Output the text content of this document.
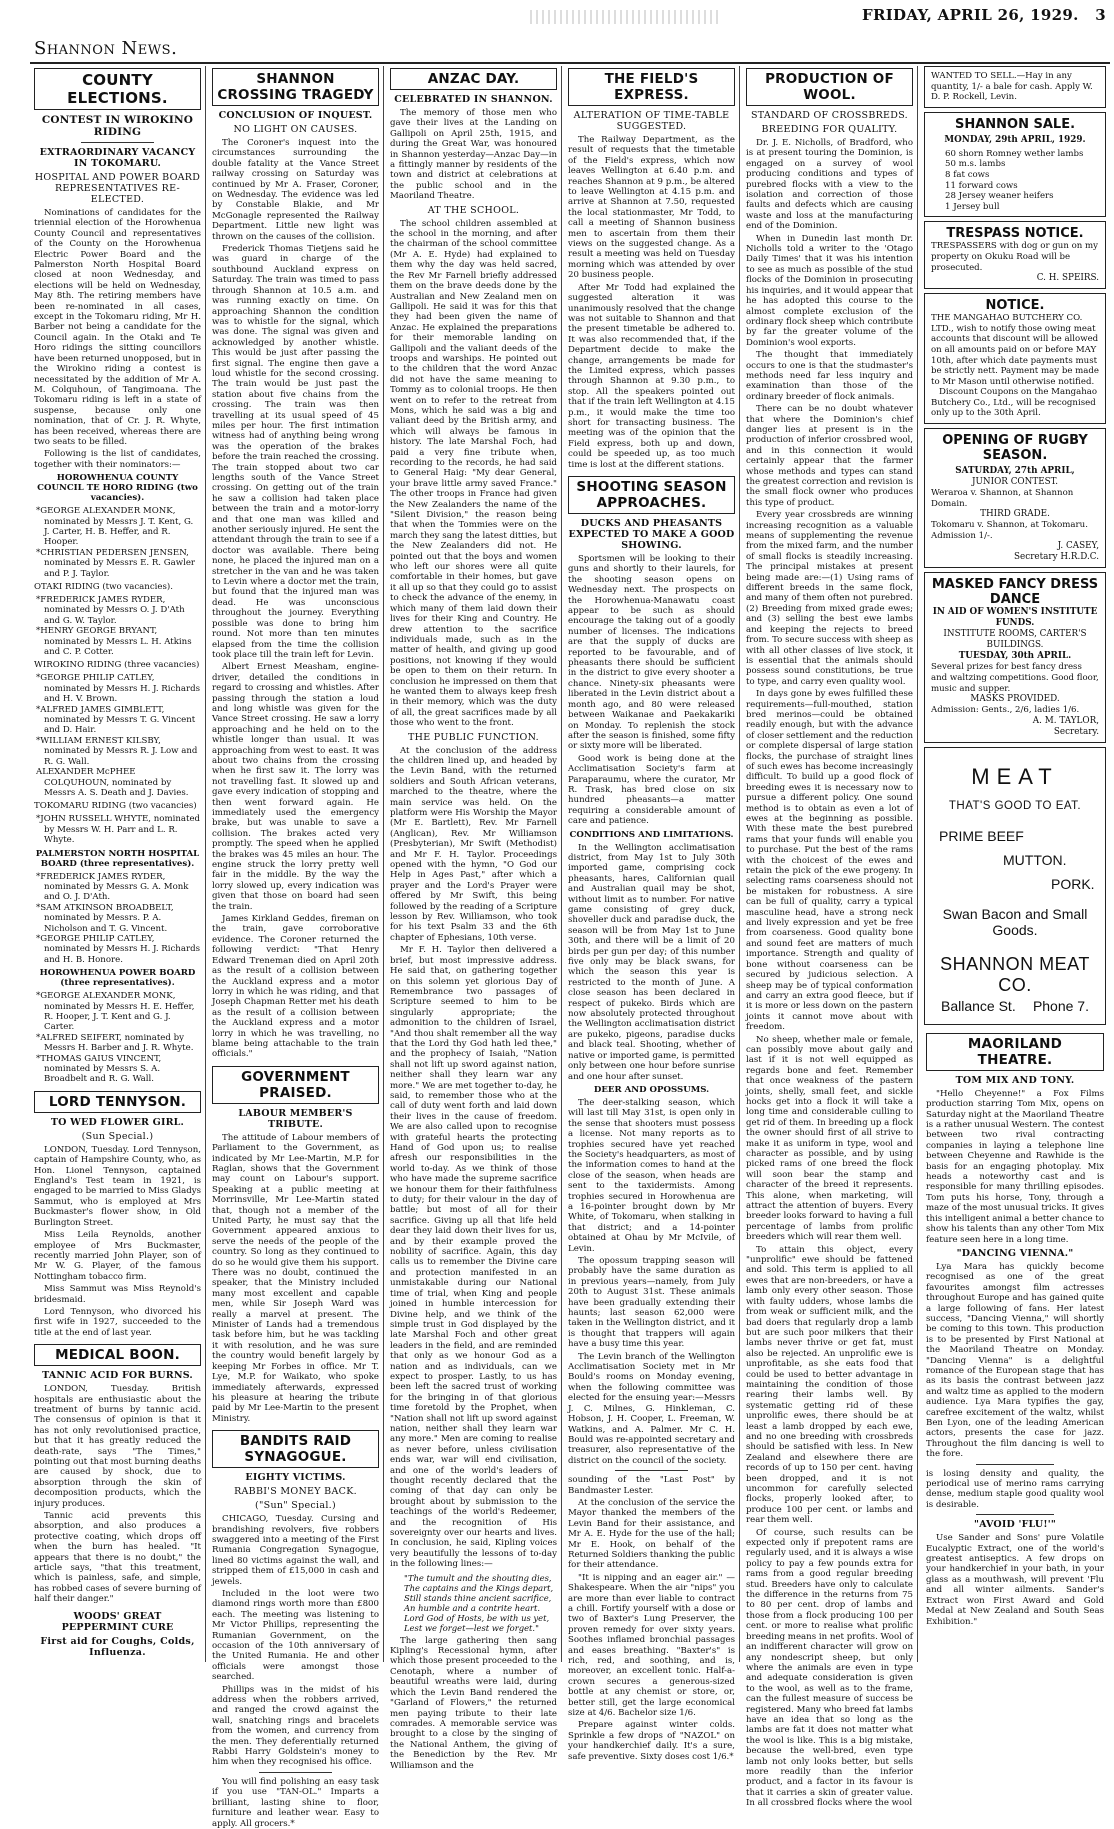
Shannon News.
FRIDAY, APRIL 26, 1929. 3
COUNTY ELECTIONS.
CONTEST IN WIROKINO RIDING
EXTRAORDINARY VACANCY IN TOKOMARU.
HOSPITAL AND POWER BOARD REPRESENTATIVES RE-ELECTED.

Nominations of candidates for the triennial election of the Horowhenua County Council and representatives of the County on the Horowhenua Electric Power Board and the Palmerston North Hospital Board closed at noon Wednesday, and elections will be held on Wednesday, May 8th. The retiring members have been re-nominated in all cases, except in the Tokomaru riding, Mr H. Barber not being a candidate for the Council again. In the Otaki and Te Horo ridings the sitting councillors have been returned unopposed, but in the Wirokino riding a contest is necessitated by the addition of Mr A. M. Colquhoun, of Tangimoana. The Tokomaru riding is left in a state of suspense, because only one nomination, that of Cr. J. R. Whyte, has been received, whereas there are two seats to be filled.

Following is the list of candidates, together with their nominators:—

HOROWHENUA COUNTY COUNCIL TE HORO RIDING (two vacancies).
*GEORGE ALEXANDER MONK, nominated by Messrs J. T. Kent, G. J. Carter, H. B. Heffer, and R. Hooper.
*CHRISTIAN PEDERSEN JENSEN, nominated by Messrs E. R. Gawler and P. J. Taylor.
OTAKI RIDING (two vacancies).
*FREDERICK JAMES RYDER, nominated by Messrs O. J. D'Ath and G. W. Taylor.
*HENRY GEORGE BRYANT, nominated by Messrs L. H. Atkins and C. P. Cotter.
WIROKINO RIDING (three vacancies)
*GEORGE PHILIP CATLEY, nominated by Messrs H. J. Richards and H. V. Brown.
*ALFRED JAMES GIMBLETT, nominated by Messrs T. G. Vincent and D. Hair.
*WILLIAM ERNEST KILSBY, nominated by Messrs R. J. Low and R. G. Wall.
ALEXANDER McPHEE COLQUHOUN, nominated by Messrs A. S. Death and J. Davies.
TOKOMARU RIDING (two vacancies)
*JOHN RUSSELL WHYTE, nominated by Messrs W. H. Parr and L. R. Whyte.
PALMERSTON NORTH HOSPITAL BOARD (three representatives).
*FREDERICK JAMES RYDER, nominated by Messrs G. A. Monk and O. J. D'Ath.
*SAM ATKINSON BROADBELT, nominated by Messrs. P. A. Nicholson and T. G. Vincent.
*GEORGE PHILIP CATLEY, nominated by Messrs H. J. Richards and H. B. Honore.
HOROWHENUA POWER BOARD (three representatives).
*GEORGE ALEXANDER MONK, nominated by Messrs H. E. Heffer, R. Hooper, J. T. Kent and G. J. Carter.
*ALFRED SEIFERT, nominated by Messrs H. Barber and J. R. Whyte.
*THOMAS GAIUS VINCENT, nominated by Messrs S. A. Broadbelt and R. G. Wall.
LORD TENNYSON.
TO WED FLOWER GIRL.
(Sun Special.)

LONDON, Tuesday. Lord Tennyson, captain of Hampshire County, who, as Hon. Lionel Tennyson, captained England's Test team in 1921, is engaged to be married to Miss Gladys Sammut, who is employed at Mrs Buckmaster's flower show, in Old Burlington Street.

Miss Leila Reynolds, another employee of Mrs Buckmaster, recently married John Player, son of Mr W. G. Player, of the famous Nottingham tobacco firm.

Miss Sammut was Miss Reynold's bridesmaid.

Lord Tennyson, who divorced his first wife in 1927, succeeded to the title at the end of last year.

MEDICAL BOON.
TANNIC ACID FOR BURNS.

LONDON, Tuesday. British hospitals are enthusiastic about the treatment of burns by tannic acid. The consensus of opinion is that it has not only revolutionised practice, but that it has greatly reduced the death-rate, says "The Times," pointing out that most burning deaths are caused by shock, due to absorption through the skin of decomposition products, which the injury produces.

Tannic acid prevents this absorption, and also produces a protective coating, which drops off when the burn has healed. "It appears that there is no doubt," the article says, "that this treatment, which is painless, safe, and simple, has robbed cases of severe burning of half their danger."

WOODS' GREAT PEPPERMINT CURE
First aid for Coughs, Colds, Influenza.
SHANNON CROSSING TRAGEDY
CONCLUSION OF INQUEST.
NO LIGHT ON CAUSES.

The Coroner's inquest into the circumstances surrounding the double fatality at the Vance Street railway crossing on Saturday was continued by Mr A. Fraser, Coroner, on Wednesday. The evidence was led by Constable Blakie, and Mr McGonagle represented the Railway Department. Little new light was thrown on the causes of the collision.

Frederick Thomas Tietjens said he was guard in charge of the southbound Auckland express on Saturday. The train was timed to pass through Shannon at 10.5 a.m. and was running exactly on time. On approaching Shannon the condition was to whistle for the signal, which was done. The signal was given and acknowledged by another whistle. This would be just after passing the first signal. The engine then gave a loud whistle for the second crossing. The train would be just past the station about five chains from the crossing. The train was then travelling at its usual speed of 45 miles per hour. The first intimation witness had of anything being wrong was the operation of the brakes before the train reached the crossing. The train stopped about two car lengths south of the Vance Street crossing. On getting out of the train he saw a collision had taken place between the train and a motor-lorry and that one man was killed and another seriously injured. He sent the attendant through the train to see if a doctor was available. There being none, he placed the injured man on a stretcher in the van and he was taken to Levin where a doctor met the train, but found that the injured man was dead. He was unconscious throughout the journey. Everything possible was done to bring him round. Not more than ten minutes elapsed from the time the collision took place till the train left for Levin.

Albert Ernest Measham, engine-driver, detailed the conditions in regard to crossing and whistles. After passing through the station a loud and long whistle was given for the Vance Street crossing. He saw a lorry approaching and he held on to the whistle longer than usual. It was approaching from west to east. It was about two chains from the crossing when he first saw it. The lorry was not travelling fast. It slowed up and gave every indication of stopping and then went forward again. He immediately used the emergency brake, but was unable to save a collision. The brakes acted very promptly. The speed when he applied the brakes was 45 miles an hour. The engine struck the lorry pretty well fair in the middle. By the way the lorry slowed up, every indication was given that those on board had seen the train.

James Kirkland Geddes, fireman on the train, gave corroborative evidence. The Coroner returned the following verdict: "That Henry Edward Treneman died on April 20th as the result of a collision between the Auckland express and a motor lorry in which he was riding, and that Joseph Chapman Retter met his death as the result of a collision between the Auckland express and a motor lorry in which he was travelling, no blame being attachable to the train officials."

GOVERNMENT PRAISED.
LABOUR MEMBER'S TRIBUTE.

The attitude of Labour members of Parliament to the Government, as indicated by Mr Lee-Martin, M.P. for Raglan, shows that the Government may count on Labour's support. Speaking at a public meeting at Morrinsville, Mr Lee-Martin stated that, though not a member of the United Party, he must say that the Government appeared anxious to serve the needs of the people of the country. So long as they continued to do so he would give them his support. There was no doubt, continued the speaker, that the Ministry included many most excellent and capable men, while Sir Joseph Ward was really a marvel at present. The Minister of Lands had a tremendous task before him, but he was tackling it with resolution, and he was sure the country would benefit largely by keeping Mr Forbes in office. Mr T. Lye, M.P. for Waikato, who spoke immediately afterwards, expressed his pleasure at hearing the tribute paid by Mr Lee-Martin to the present Ministry.

BANDITS RAID SYNAGOGUE.
EIGHTY VICTIMS.
RABBI'S MONEY BACK.
("Sun" Special.)

CHICAGO, Tuesday. Cursing and brandishing revolvers, five robbers swaggered into a meeting of the First Rumania Congregation Synagogue, lined 80 victims against the wall, and stripped them of £15,000 in cash and jewels.

Included in the loot were two diamond rings worth more than £800 each. The meeting was listening to Mr Victor Phillips, representing the Rumanian Government, on the occasion of the 10th anniversary of the United Rumania. He and other officials were amongst those searched.

Phillips was in the midst of his address when the robbers arrived, and ranged the crowd against the wall, snatching rings and bracelets from the women, and currency from the men. They deferentially returned Rabbi Harry Goldstein's money to him when they recognised his office.

You will find polishing an easy task if you use "TAN-OL." Imparts a brilliant, lasting shine to floor, furniture and leather wear. Easy to apply. All grocers.*

ANZAC DAY.
CELEBRATED IN SHANNON.

The memory of those men who gave their lives at the Landing on Gallipoli on April 25th, 1915, and during the Great War, was honoured in Shannon yesterday—Anzac Day—in a fittingly manner by residents of the town and district at celebrations at the public school and in the Maoriland Theatre.

AT THE SCHOOL.

The school children assembled at the school in the morning, and after the chairman of the school committee (Mr A. E. Hyde) had explained to them why the day was held sacred, the Rev Mr Farnell briefly addressed them on the brave deeds done by the Australian and New Zealand men on Gallipoli. He said it was for this that they had been given the name of Anzac. He explained the preparations for their memorable landing on Gallipoli and the valiant deeds of the troops and warships. He pointed out to the children that the word Anzac did not have the same meaning to Tommy as to colonial troops. He then went on to refer to the retreat from Mons, which he said was a big and valiant deed by the British army, and which will always be famous in history. The late Marshal Foch, had paid a very fine tribute when, recording to the records, he had said to General Haig: "My dear General, your brave little army saved France." The other troops in France had given the New Zealanders the name of the "Silent Division," the reason being that when the Tommies were on the march they sang the latest ditties, but the New Zealanders did not. He pointed out that the boys and women who left our shores were all quite comfortable in their homes, but gave it all up so that they could go to assist to check the advance of the enemy, in which many of them laid down their lives for their King and Country. He drew attention to the sacrifice individuals made, such as in the matter of health, and giving up good positions, not knowing if they would be open to them on their return. In conclusion he impressed on them that he wanted them to always keep fresh in their memory, which was the duty of all, the great sacrifices made by all those who went to the front.

THE PUBLIC FUNCTION.

At the conclusion of the address the children lined up, and headed by the Levin Band, with the returned soldiers and South African veterans, marched to the theatre, where the main service was held. On the platform were His Worship the Mayor (Mr E. Bartlett), Rev. Mr Farnell (Anglican), Rev. Mr Williamson (Presbyterian), Mr Swift (Methodist) and Mr F. H. Taylor. Proceedings opened with the hymn, "O God our Help in Ages Past," after which a prayer and the Lord's Prayer were offered by Mr Swift, this being followed by the reading of a Scripture lesson by Rev. Williamson, who took for his text Psalm 33 and the 6th chapter of Ephesians, 10th verse.

Mr F. H. Taylor then delivered a brief, but most impressive address. He said that, on gathering together on this solemn yet glorious Day of Remembrance two passages of Scripture seemed to him to be singularly appropriate; the admonition to the children of Israel, "And thou shalt remember all the way that the Lord thy God hath led thee," and the prophecy of Isaiah, "Nation shall not lift up sword against nation, neither shall they learn war any more." We are met together to-day, he said, to remember those who at the call of duty went forth and laid down their lives in the cause of freedom. We are also called upon to recognise with grateful hearts the protecting Hand of God upon us; to realise afresh our responsibilities in the world to-day. As we think of those who have made the supreme sacrifice we honour them for their faithfulness to duty; for their valour in the day of battle; but most of all for their sacrifice. Giving up all that life held dear they laid down their lives for us, and by their example proved the nobility of sacrifice. Again, this day calls us to remember the Divine care and protection manifested in an unmistakable during our National time of trial, when King and people joined in humble intercession for Divine help, and we think of the simple trust in God displayed by the late Marshal Foch and other great leaders in the field, and are reminded that only as we honour God as a nation and as individuals, can we expect to prosper. Lastly, to us has been left the sacred trust of working for the bringing in of that glorious time foretold by the Prophet, when "Nation shall not lift up sword against nation, neither shall they learn war any more." Men are coming to realise as never before, unless civilisation ends war, war will end civilisation, and one of the world's leaders of thought recently declared that the coming of that day can only be brought about by submission to the teachings of the world's Redeemer, and the recognition of His sovereignty over our hearts and lives. In conclusion, he said, Kipling voices very beautifully the lessons of to-day in the following lines:—

"The tumult and the shouting dies,
The captains and the Kings depart,
Still stands thine ancient sacrifice,
An humble and a contrite heart.
Lord God of Hosts, be with us yet,
Lest we forget—lest we forget."

The large gathering then sang Kipling's Recessional hymn, after which those present proceeded to the Cenotaph, where a number of beautiful wreaths were laid, during which the Levin Band rendered the "Garland of Flowers," the returned men paying tribute to their late comrades. A memorable service was brought to a close by the singing of the National Anthem, the giving of the Benediction by the Rev. Mr Williamson and the

THE FIELD'S EXPRESS.
ALTERATION OF TIME-TABLE SUGGESTED.

The Railway Department, as the result of requests that the timetable of the Field's express, which now leaves Wellington at 6.40 p.m. and reaches Shannon at 9 p.m., be altered to leave Wellington at 4.15 p.m. and arrive at Shannon at 7.50, requested the local stationmaster, Mr Todd, to call a meeting of Shannon business men to ascertain from them their views on the suggested change. As a result a meeting was held on Tuesday morning which was attended by over 20 business people.

After Mr Todd had explained the suggested alteration it was unanimously resolved that the change was not suitable to Shannon and that the present timetable be adhered to. It was also recommended that, if the Department decide to make the change, arrangements be made for the Limited express, which passes through Shannon at 9.30 p.m., to stop. All the speakers pointed out that if the train left Wellington at 4.15 p.m., it would make the time too short for transacting business. The meeting was of the opinion that the Field express, both up and down, could be speeded up, as too much time is lost at the different stations.

SHOOTING SEASON APPROACHES.
DUCKS AND PHEASANTS EXPECTED TO MAKE A GOOD SHOWING.

Sportsmen will be looking to their guns and shortly to their laurels, for the shooting season opens on Wednesday next. The prospects on the Horowhenua-Manawatu coast appear to be such as should encourage the taking out of a goodly number of licenses. The indications are that the supply of ducks are reported to be favourable, and of pheasants there should be sufficient in the district to give every shooter a chance. Ninety-six pheasants were liberated in the Levin district about a month ago, and 80 were released between Waikanae and Paekakariki on Monday. To replenish the stock after the season is finished, some fifty or sixty more will be liberated.

Good work is being done at the Acclimatisation Society's farm at Paraparaumu, where the curator, Mr R. Trask, has bred close on six hundred pheasants—a matter requiring a considerable amount of care and patience.

CONDITIONS AND LIMITATIONS.

In the Wellington acclimatisation district, from May 1st to July 30th imported game, comprising cock pheasants, hares, Californian quail and Australian quail may be shot, without limit as to number. For native game consisting of grey duck, shoveller duck and paradise duck, the season will be from May 1st to June 30th, and there will be a limit of 20 birds per gun per day; of this number five only may be black swans, for which the season this year is restricted to the month of June. A close season has been declared in respect of pukeko. Birds which are now absolutely protected throughout the Wellington acclimatisation district are pukeko, pigeons, paradise ducks and black teal. Shooting, whether of native or imported game, is permitted only between one hour before sunrise and one hour after sunset.

DEER AND OPOSSUMS.

The deer-stalking season, which will last till May 31st, is open only in the sense that shooters must possess a license. Not many reports as to trophies secured have yet reached the Society's headquarters, as most of the information comes to hand at the close of the season, when heads are sent to the taxidermists. Among trophies secured in Horowhenua are a 16-pointer brought down by Mr White, of Tokomaru, when stalking in that district; and a 14-pointer obtained at Ohau by Mr McIvile, of Levin.

The opossum trapping season will probably have the same duration as in previous years—namely, from July 20th to August 31st. These animals have been gradually extending their haunts; last season 62,000 were taken in the Wellington district, and it is thought that trappers will again have a busy time this year.

The Levin branch of the Wellington Acclimatisation Society met in Mr Bould's rooms on Monday evening, when the following committee was elected for the ensuing year:—Messrs J. C. Milnes, G. Hinkleman, C. Hobson, J. H. Cooper, L. Freeman, W. Watkins, and A. Palmer. Mr C. H. Bould was re-appointed secretary and treasurer, also representative of the district on the council of the society.

sounding of the "Last Post" by Bandmaster Lester.

At the conclusion of the service the Mayor thanked the members of the Levin Band for their assistance, and Mr A. E. Hyde for the use of the hall; Mr E. Hook, on behalf of the Returned Soldiers thanking the public for their attendance.

"It is nipping and an eager air." —Shakespeare. When the air "nips" you are more than ever liable to contract a chill. Fortify yourself with a dose or two of Baxter's Lung Preserver, the proven remedy for over sixty years. Soothes inflamed bronchial passages and eases breathing. "Baxter's" is rich, red, and soothing, and is, moreover, an excellent tonic. Half-a-crown secures a generous-sized bottle at any chemist or store, or, better still, get the large economical size at 4/6. Bachelor size 1/6.

Prepare against winter colds. Sprinkle a few drops of "NAZOL" on your handkerchief daily. It's a sure, safe preventive. Sixty doses cost 1/6.*

PRODUCTION OF WOOL.
STANDARD OF CROSSBREDS.
BREEDING FOR QUALITY.

Dr. J. E. Nicholls, of Bradford, who is at present touring the Dominion, is engaged on a survey of wool producing conditions and types of purebred flocks with a view to the isolation and correction of those faults and defects which are causing waste and loss at the manufacturing end of the Dominion.

When in Dunedin last month Dr. Nicholls told a writer to the 'Otago Daily Times' that it was his intention to see as much as possible of the stud flocks of the Dominion in prosecuting his inquiries, and it would appear that he has adopted this course to the almost complete exclusion of the ordinary flock sheep which contribute by far the greater volume of the Dominion's wool exports.

The thought that immediately occurs to one is that the studmaster's methods need far less inquiry and examination than those of the ordinary breeder of flock animals.

There can be no doubt whatever that where the Dominion's chief danger lies at present is in the production of inferior crossbred wool, and in this connection it would certainly appear that the farmer whose methods and types can stand the greatest correction and revision is the small flock owner who produces this type of product.

Every year crossbreds are winning increasing recognition as a valuable means of supplementing the revenue from the mixed farm, and the number of small flocks is steadily increasing. The principal mistakes at present being made are:—(1) Using rams of different breeds in the same flock, and many of them often not purebred. (2) Breeding from mixed grade ewes; and (3) selling the best ewe lambs and keeping the rejects to breed from. To secure success with sheep as with all other classes of live stock, it is essential that the animals should possess sound constitutions, be true to type, and carry even quality wool.

In days gone by ewes fulfilled these requirements—full-mouthed, station bred merinos—could be obtained readily enough, but with the advance of closer settlement and the reduction or complete dispersal of large station flocks, the purchase of straight lines of such ewes has become increasingly difficult. To build up a good flock of breeding ewes it is necessary now to pursue a different policy. One sound method is to obtain as even a lot of ewes at the beginning as possible. With these mate the best purebred rams that your funds will enable you to purchase. Put the best of the rams with the choicest of the ewes and retain the pick of the ewe progeny. In selecting rams coarseness should not be mistaken for robustness. A sire can be full of quality, carry a typical masculine head, have a strong neck and lively expression and yet be free from coarseness. Good quality bone and sound feet are matters of much importance. Strength and quality of bone without coarseness can be secured by judicious selection. A sheep may be of typical conformation and carry an extra good fleece, but if it is more or less down on the pastern joints it cannot move about with freedom.

No sheep, whether male or female, can possibly move about gaily and last if it is not well equipped as regards bone and feet. Remember that once weakness of the pastern joints, shelly, small feet, and sickle hocks get into a flock it will take a long time and considerable culling to get rid of them. In breeding up a flock the owner should first of all strive to make it as uniform in type, wool and character as possible, and by using picked rams of one breed the flock will soon bear the stamp and character of the breed it represents. This alone, when marketing, will attract the attention of buyers. Every breeder looks forward to having a full percentage of lambs from prolific breeders which will rear them well.

To attain this object, every "unprolific" ewe should be fattened and sold. This term is applied to all ewes that are non-breeders, or have a lamb only every other season. Those with faulty udders, whose lambs die from weak or sufficient milk, and the bad doers that regularly drop a lamb but are such poor milkers that their lambs never thrive or get fat, must also be rejected. An unprolific ewe is unprofitable, as she eats food that could be used to better advantage in maintaining the condition of those rearing their lambs well. By systematic getting rid of these unprolific ewes, there should be at least a lamb dropped by each ewe, and no one breeding with crossbreds should be satisfied with less. In New Zealand and elsewhere there are records of up to 150 per cent. having been dropped, and it is not uncommon for carefully selected flocks, properly looked after, to produce 100 per cent. or lambs and rear them well.

Of course, such results can be expected only if prepotent rams are regularly used, and it is always a wise policy to pay a few pounds extra for rams from a good regular breeding stud. Breeders have only to calculate the difference in the returns from 75 to 80 per cent. drop of lambs and those from a flock producing 100 per cent. or more to realise what prolific breeding means in net profits. Wool of an indifferent character will grow on any nondescript sheep, but only where the animals are even in type and adequate consideration is given to the wool, as well as to the frame, can the fullest measure of success be registered. Many who breed fat lambs have an idea that so long as the lambs are fat it does not matter what the wool is like. This is a big mistake, because the well-bred, even type lamb not only looks better, but sells more readily than the inferior product, and a factor in its favour is that it carries a skin of greater value. In all crossbred flocks where the wool

WANTED TO SELL.—Hay in any quantity, 1/- a bale for cash. Apply W. D. P. Rockell, Levin.
SHANNON SALE.
MONDAY, 29th APRIL, 1929.
60 shorn Romney wether lambs
50 m.s. lambs
8 fat cows
11 forward cows
28 Jersey weaner heifers
1 Jersey bull
TRESPASS NOTICE.
TRESPASSERS with dog or gun on my property on Okuku Road will be prosecuted.
C. H. SPEIRS.
NOTICE.
THE MANGAHAO BUTCHERY CO. LTD., wish to notify those owing meat accounts that discount will be allowed on all amounts paid on or before MAY 10th, after which date payments must be strictly nett. Payment may be made to Mr Mason until otherwise notified.
Discount Coupons on the Mangahao Butchery Co., Ltd., will be recognised only up to the 30th April.
OPENING OF RUGBY SEASON.
SATURDAY, 27th APRIL,
JUNIOR CONTEST.
Weraroa v. Shannon, at Shannon Domain.
THIRD GRADE.
Tokomaru v. Shannon, at Tokomaru. Admission 1/-.
J. CASEY,
Secretary H.R.D.C.
MASKED FANCY DRESS DANCE
IN AID OF WOMEN'S INSTITUTE FUNDS.
INSTITUTE ROOMS, CARTER'S BUILDINGS.
TUESDAY, 30th APRIL.
Several prizes for best fancy dress and waltzing competitions. Good floor, music and supper.
MASKS PROVIDED.
Admission: Gents., 2/6, ladies 1/6.
A. M. TAYLOR,
Secretary.
MEAT
THAT'S GOOD TO EAT.
PRIME BEEF
MUTTON.
PORK.
Swan Bacon and Small Goods.
SHANNON MEAT CO.
Ballance St. Phone 7.
MAORILAND THEATRE.
TOM MIX AND TONY.

"Hello Cheyenne!" a Fox Films production starring Tom Mix, opens on Saturday night at the Maoriland Theatre is a rather unusual Western. The contest between two rival contracting companies in laying a telephone line between Cheyenne and Rawhide is the basis for an engaging photoplay. Mix heads a noteworthy cast and is responsible for many thrilling episodes. Tom puts his horse, Tony, through a maze of the most unusual tricks. It gives this intelligent animal a better chance to show his talents than any other Tom Mix feature seen here in a long time.

"DANCING VIENNA."

Lya Mara has quickly become recognised as one of the great favourites amongst film actresses throughout Europe and has gained quite a large following of fans. Her latest success, "Dancing Vienna," will shortly be coming to this town. This production is to be presented by First National at the Maoriland Theatre on Monday. "Dancing Vienna" is a delightful romance of the European stage that has as its basis the contrast between jazz and waltz time as applied to the modern audience. Lya Mara typifies the gay, carefree excitement of the waltz, whilst Ben Lyon, one of the leading American actors, presents the case for jazz. Throughout the film dancing is well to the fore.

is losing density and quality, the periodical use of merino rams carrying dense, medium staple good quality wool is desirable.

"AVOID 'FLU!'"

Use Sander and Sons' pure Volatile Eucalyptic Extract, one of the world's greatest antiseptics. A few drops on your handkerchief in your bath, in your glass as a mouthwash, will prevent 'Flu and all winter ailments. Sander's Extract won First Award and Gold Medal at New Zealand and South Seas Exhibition."
